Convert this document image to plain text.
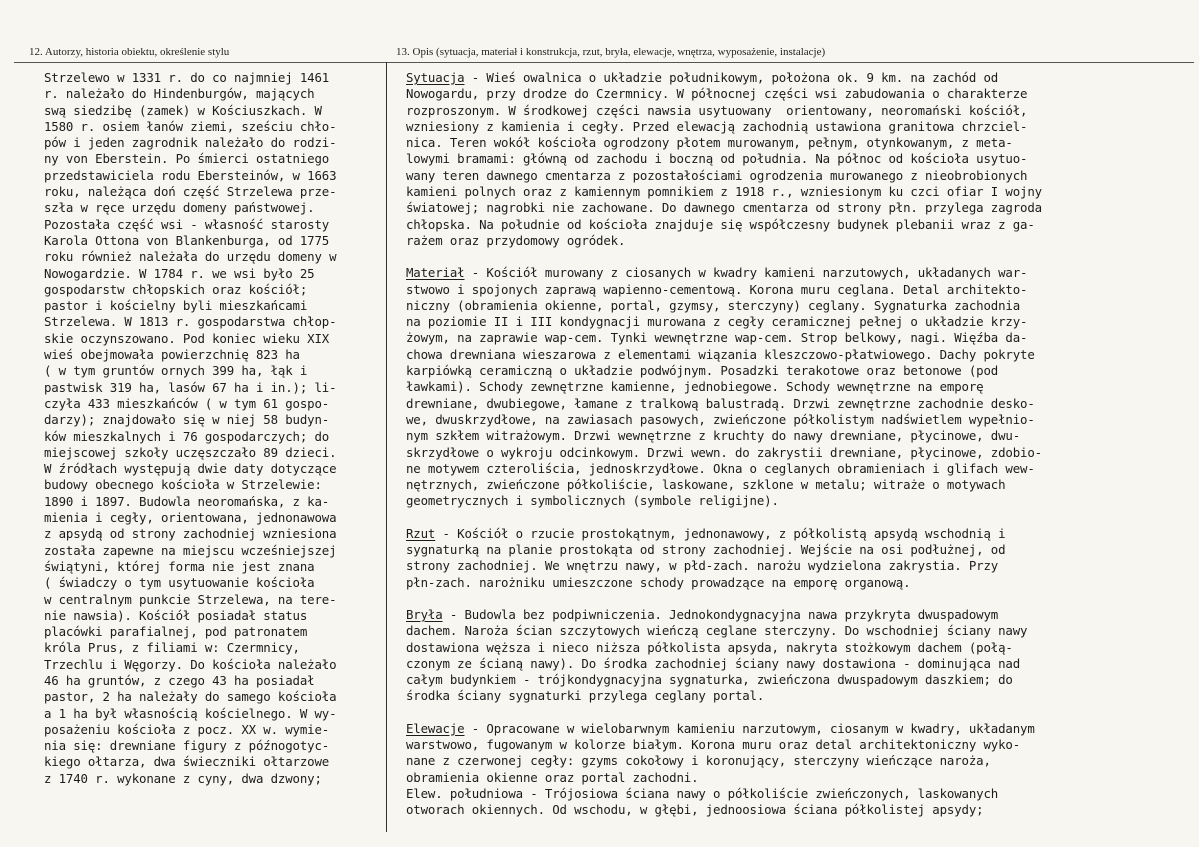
12. Autorzy, historia obiektu, określenie stylu	13. Opis (sytuacja, materiał i konstrukcja, rzut, bryła, elewacje, wnętrza, wyposażenie, instalacje)
Strzelewo w 1331 r. do co najmniej 1461
r. należało do Hindenburgów, mających
swą siedzibę (zamek) w Kościuszkach. W
1580 r. osiem łanów ziemi, sześciu chło-
pów i jeden zagrodnik należało do rodzi-
ny von Eberstein. Po śmierci ostatniego
przedstawiciela rodu Ebersteinów, w 1663
roku, należąca doń część Strzelewa prze-
szła w ręce urzędu domeny państwowej.
Pozostała część wsi - własność starosty
Karola Ottona von Blankenburga, od 1775
roku również należała do urzędu domeny w
Nowogardzie. W 1784 r. we wsi było 25
gospodarstw chłopskich oraz kościół;
pastor i kościelny byli mieszkańcami
Strzelewa. W 1813 r. gospodarstwa chłop-
skie oczynszowano. Pod koniec wieku XIX
wieś obejmowała powierzchnię 823 ha
( w tym gruntów ornych 399 ha, łąk i
pastwisk 319 ha, lasów 67 ha i in.); li-
czyła 433 mieszkańców ( w tym 61 gospo-
darzy); znajdowało się w niej 58 budyn-
ków mieszkalnych i 76 gospodarczych; do
miejscowej szkoły uczęszczało 89 dzieci.
W źródłach występują dwie daty dotyczące
budowy obecnego kościoła w Strzelewie:
1890 i 1897. Budowla neoromańska, z ka-
mienia i cegły, orientowana, jednonawowa
z apsydą od strony zachodniej wzniesiona
została zapewne na miejscu wcześniejszej
świątyni, której forma nie jest znana
( świadczy o tym usytuowanie kościoła
w centralnym punkcie Strzelewa, na tere-
nie nawsia). Kościół posiadał status
placówki parafialnej, pod patronatem
króla Prus, z filiami w: Czermnicy,
Trzechlu i Węgorzy. Do kościoła należało
46 ha gruntów, z czego 43 ha posiadał
pastor, 2 ha należały do samego kościoła
a 1 ha był własnością kościelnego. W wy-
posażeniu kościoła z pocz. XX w. wymie-
nia się: drewniane figury z późnogotyc-
kiego ołtarza, dwa świeczniki ołtarzowe
z 1740 r. wykonane z cyny, dwa dzwony;
Sytuacja - Wieś owalnica o układzie południkowym, położona ok. 9 km. na zachód od
Nowogardu, przy drodze do Czermnicy. W północnej części wsi zabudowania o charakterze
rozproszonym. W środkowej części nawsia usytuowany  orientowany, neoromański kościół,
wzniesiony z kamienia i cegły. Przed elewacją zachodnią ustawiona granitowa chrzciel-
nica. Teren wokół kościoła ogrodzony płotem murowanym, pełnym, otynkowanym, z meta-
lowymi bramami: główną od zachodu i boczną od południa. Na północ od kościoła usytuo-
wany teren dawnego cmentarza z pozostałościami ogrodzenia murowanego z nieobrobionych
kamieni polnych oraz z kamiennym pomnikiem z 1918 r., wzniesionym ku czci ofiar I wojny
światowej; nagrobki nie zachowane. Do dawnego cmentarza od strony płn. przylega zagroda
chłopska. Na południe od kościoła znajduje się współczesny budynek plebanii wraz z ga-
rażem oraz przydomowy ogródek.
Materiał - Kościół murowany z ciosanych w kwadry kamieni narzutowych, układanych war-
stwowo i spojonych zaprawą wapienno-cementową. Korona muru ceglana. Detal architekto-
niczny (obramienia okienne, portal, gzymsy, sterczyny) ceglany. Sygnaturka zachodnia
na poziomie II i III kondygnacji murowana z cegły ceramicznej pełnej o układzie krzy-
żowym, na zaprawie wap-cem. Tynki wewnętrzne wap-cem. Strop belkowy, nagi. Więźba da-
chowa drewniana wieszarowa z elementami wiązania kleszczowo-płatwiowego. Dachy pokryte
karpiówką ceramiczną o układzie podwójnym. Posadzki terakotowe oraz betonowe (pod
ławkami). Schody zewnętrzne kamienne, jednobiegowe. Schody wewnętrzne na emporę
drewniane, dwubiegowe, łamane z tralkową balustradą. Drzwi zewnętrzne zachodnie desko-
we, dwuskrzydłowe, na zawiasach pasowych, zwieńczone półkolistym nadświetlem wypełnio-
nym szkłem witrażowym. Drzwi wewnętrzne z kruchty do nawy drewniane, płycinowe, dwu-
skrzydłowe o wykroju odcinkowym. Drzwi wewn. do zakrystii drewniane, płycinowe, zdobio-
ne motywem czteroliścia, jednoskrzydłowe. Okna o ceglanych obramieniach i glifach wew-
nętrznych, zwieńczone półkoliście, laskowane, szklone w metalu; witraże o motywach
geometrycznych i symbolicznych (symbole religijne).
Rzut - Kościół o rzucie prostokątnym, jednonawowy, z półkolistą apsydą wschodnią i
sygnaturką na planie prostokąta od strony zachodniej. Wejście na osi podłużnej, od
strony zachodniej. We wnętrzu nawy, w płd-zach. narożu wydzielona zakrystia. Przy
płn-zach. narożniku umieszczone schody prowadzące na emporę organową.
Bryła - Budowla bez podpiwniczenia. Jednokondygnacyjna nawa przykryta dwuspadowym
dachem. Naroża ścian szczytowych wieńczą ceglane sterczyny. Do wschodniej ściany nawy
dostawiona węższa i nieco niższa półkolista apsyda, nakryta stożkowym dachem (połą-
czonym ze ścianą nawy). Do środka zachodniej ściany nawy dostawiona - dominująca nad
całym budynkiem - trójkondygnacyjna sygnaturka, zwieńczona dwuspadowym daszkiem; do
środka ściany sygnaturki przylega ceglany portal.
Elewacje - Opracowane w wielobarwnym kamieniu narzutowym, ciosanym w kwadry, układanym
warstwowo, fugowanym w kolorze białym. Korona muru oraz detal architektoniczny wyko-
nane z czerwonej cegły: gzyms cokołowy i koronujący, sterczyny wieńczące naroża,
obramienia okienne oraz portal zachodni.
Elew. południowa - Trójosiowa ściana nawy o półkoliście zwieńczonych, laskowanych
otworach okiennych. Od wschodu, w głębi, jednoosiowa ściana półkolistej apsydy;
